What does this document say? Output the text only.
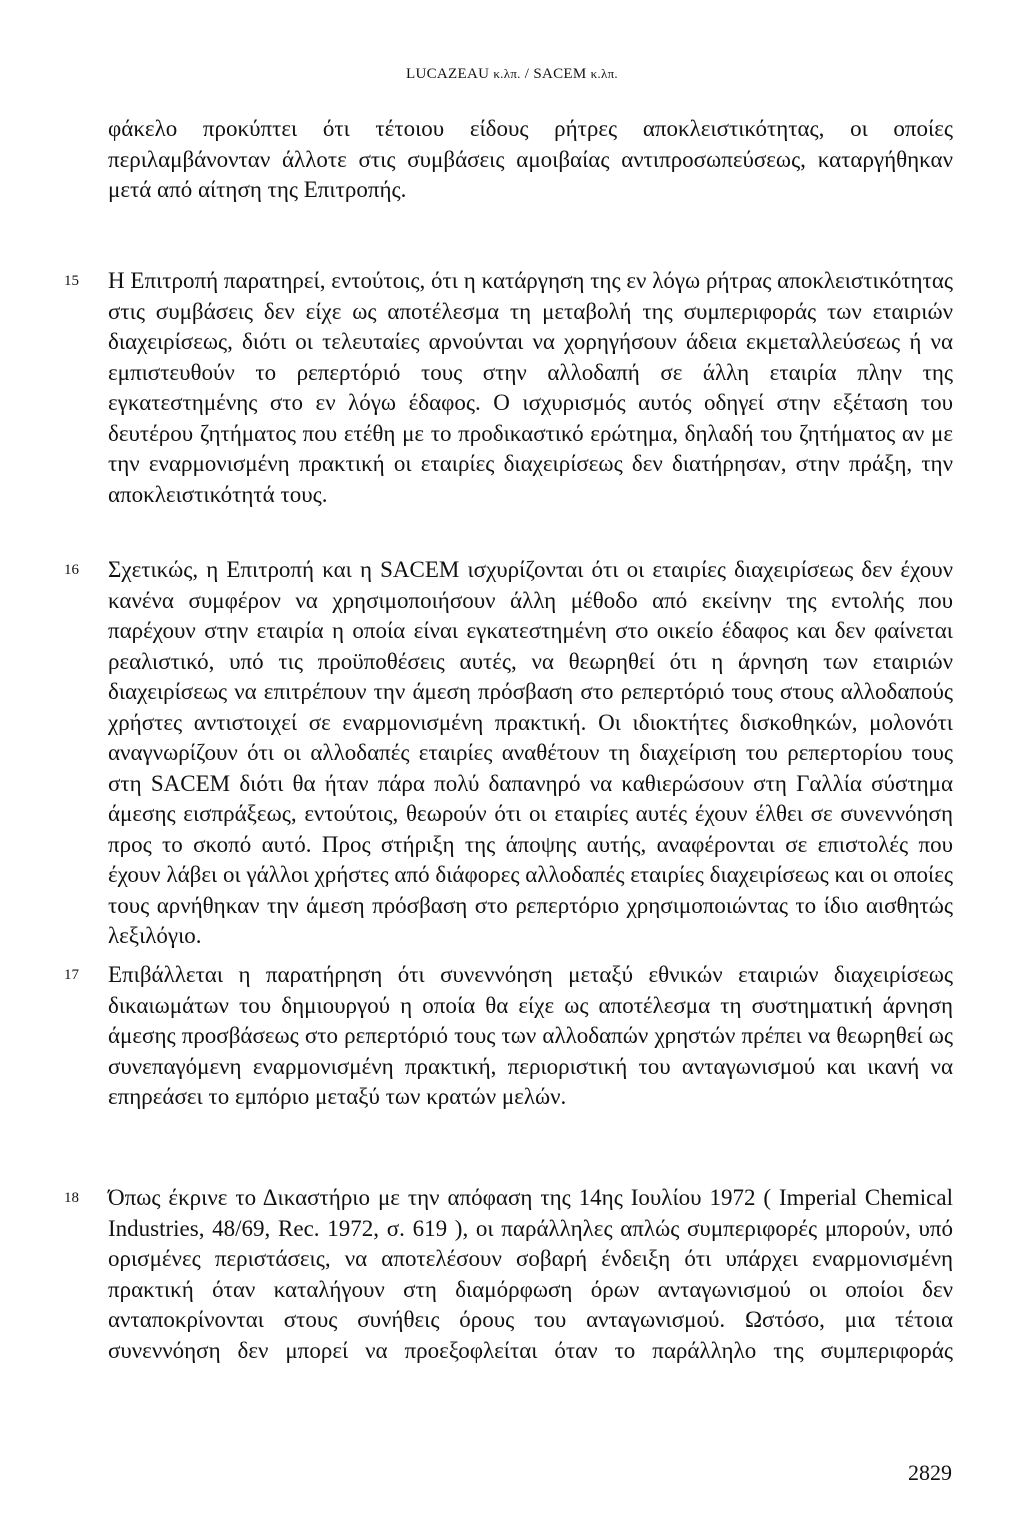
LUCAZEAU κ.λπ. / SACEM κ.λπ.

φάκελο προκύπτει ότι τέτοιου είδους ρήτρες αποκλειστικότητας, οι οποίες περιλαμβάνονταν άλλοτε στις συμβάσεις αμοιβαίας αντιπροσωπεύσεως, καταργήθηκαν μετά από αίτηση της Επιτροπής.

15 Η Επιτροπή παρατηρεί, εντούτοις, ότι η κατάργηση της εν λόγω ρήτρας αποκλειστικότητας στις συμβάσεις δεν είχε ως αποτέλεσμα τη μεταβολή της συμπεριφοράς των εταιριών διαχειρίσεως, διότι οι τελευταίες αρνούνται να χορηγήσουν άδεια εκμεταλλεύσεως ή να εμπιστευθούν το ρεπερτόριό τους στην αλλοδαπή σε άλλη εταιρία πλην της εγκατεστημένης στο εν λόγω έδαφος. Ο ισχυρισμός αυτός οδηγεί στην εξέταση του δευτέρου ζητήματος που ετέθη με το προδικαστικό ερώτημα, δηλαδή του ζητήματος αν με την εναρμονισμένη πρακτική οι εταιρίες διαχειρίσεως δεν διατήρησαν, στην πράξη, την αποκλειστικότητά τους.

16 Σχετικώς, η Επιτροπή και η SACEM ισχυρίζονται ότι οι εταιρίες διαχειρίσεως δεν έχουν κανένα συμφέρον να χρησιμοποιήσουν άλλη μέθοδο από εκείνην της εντολής που παρέχουν στην εταιρία η οποία είναι εγκατεστημένη στο οικείο έδαφος και δεν φαίνεται ρεαλιστικό, υπό τις προϋποθέσεις αυτές, να θεωρηθεί ότι η άρνηση των εταιριών διαχειρίσεως να επιτρέπουν την άμεση πρόσβαση στο ρεπερτόριό τους στους αλλοδαπούς χρήστες αντιστοιχεί σε εναρμονισμένη πρακτική. Οι ιδιοκτήτες δισκοθηκών, μολονότι αναγνωρίζουν ότι οι αλλοδαπές εταιρίες αναθέτουν τη διαχείριση του ρεπερτορίου τους στη SACEM διότι θα ήταν πάρα πολύ δαπανηρό να καθιερώσουν στη Γαλλία σύστημα άμεσης εισπράξεως, εντούτοις, θεωρούν ότι οι εταιρίες αυτές έχουν έλθει σε συνεννόηση προς το σκοπό αυτό. Προς στήριξη της άποψης αυτής, αναφέρονται σε επιστολές που έχουν λάβει οι γάλλοι χρήστες από διάφορες αλλοδαπές εταιρίες διαχειρίσεως και οι οποίες τους αρνήθηκαν την άμεση πρόσβαση στο ρεπερτόριο χρησιμοποιώντας το ίδιο αισθητώς λεξιλόγιο.

17 Επιβάλλεται η παρατήρηση ότι συνεννόηση μεταξύ εθνικών εταιριών διαχειρίσεως δικαιωμάτων του δημιουργού η οποία θα είχε ως αποτέλεσμα τη συστηματική άρνηση άμεσης προσβάσεως στο ρεπερτόριό τους των αλλοδαπών χρηστών πρέπει να θεωρηθεί ως συνεπαγόμενη εναρμονισμένη πρακτική, περιοριστική του ανταγωνισμού και ικανή να επηρεάσει το εμπόριο μεταξύ των κρατών μελών.

18 Όπως έκρινε το Δικαστήριο με την απόφαση της 14ης Ιουλίου 1972 ( Imperial Chemical Industries, 48/69, Rec. 1972, σ. 619 ), οι παράλληλες απλώς συμπεριφορές μπορούν, υπό ορισμένες περιστάσεις, να αποτελέσουν σοβαρή ένδειξη ότι υπάρχει εναρμονισμένη πρακτική όταν καταλήγουν στη διαμόρφωση όρων ανταγωνισμού οι οποίοι δεν ανταποκρίνονται στους συνήθεις όρους του ανταγωνισμού. Ωστόσο, μια τέτοια συνεννόηση δεν μπορεί να προεξοφλείται όταν το παράλληλο της συμπεριφοράς

2829
